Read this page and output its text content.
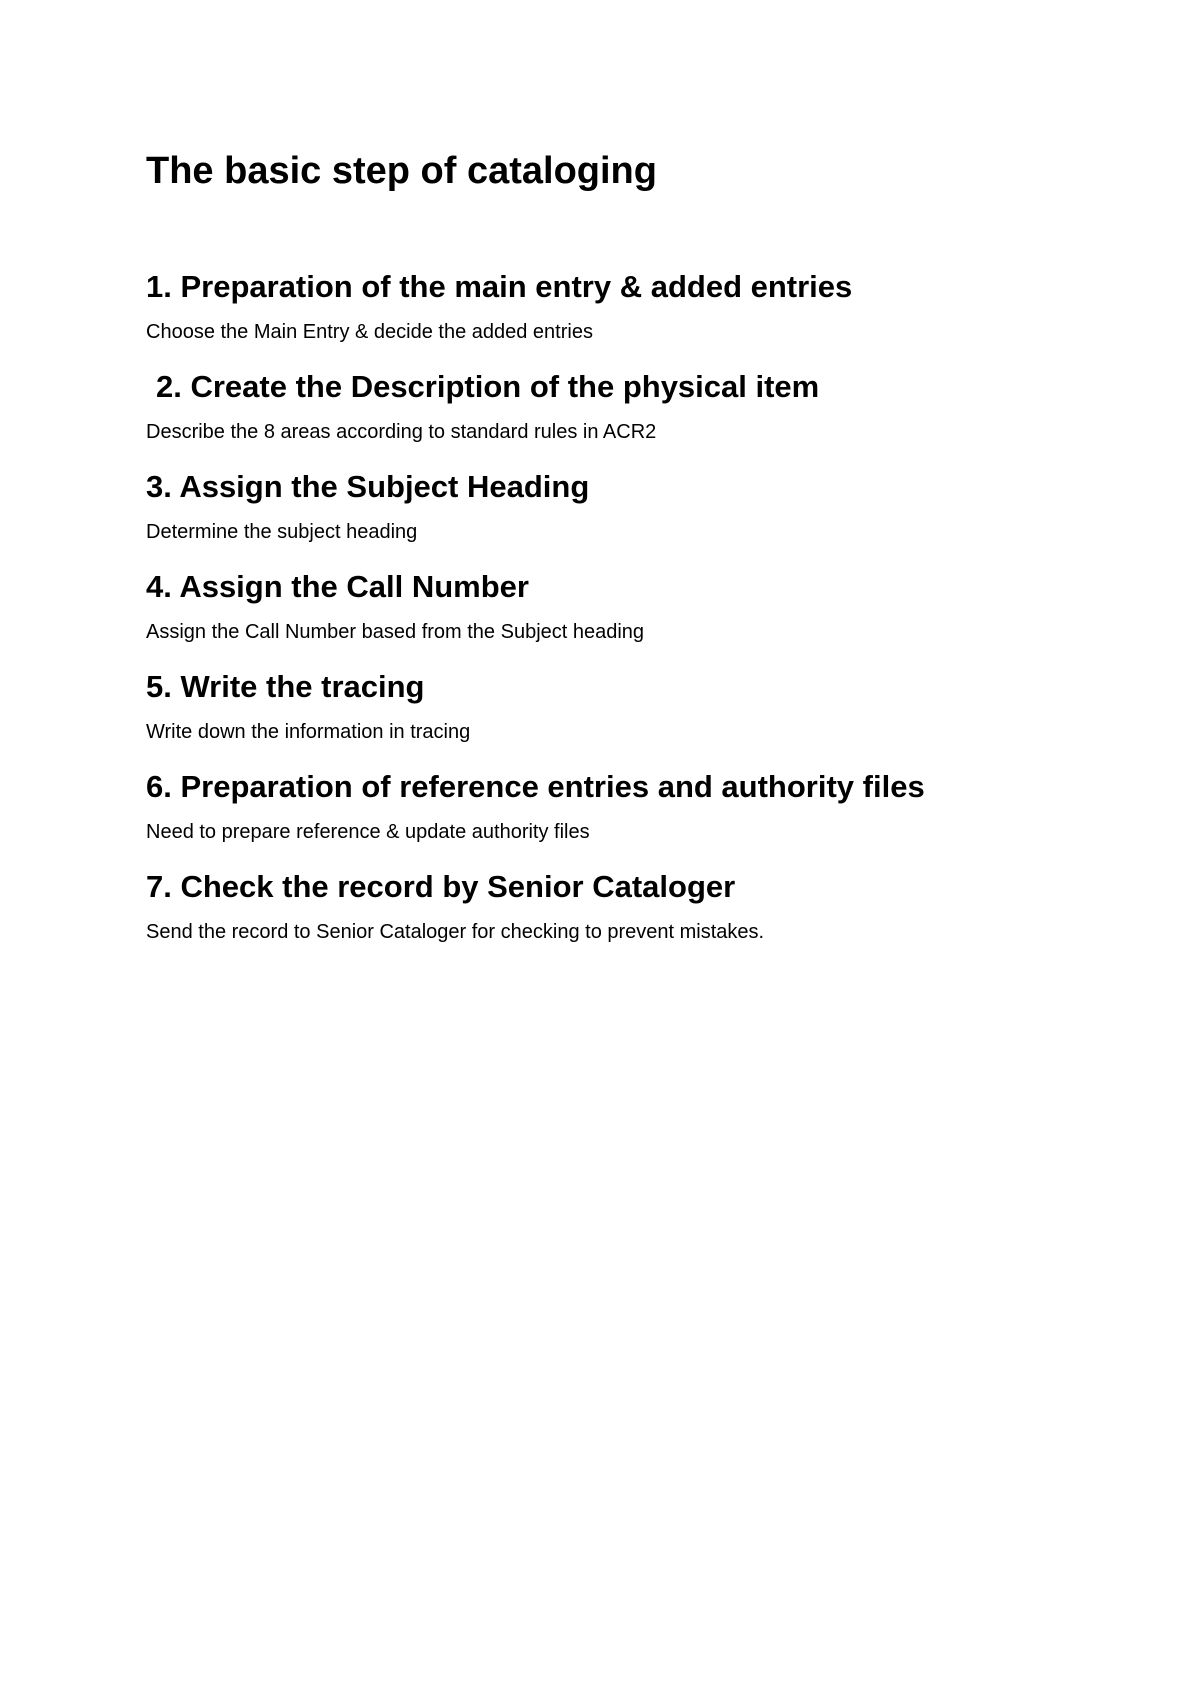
The basic step of cataloging
1. Preparation of the main entry & added entries

Choose the Main Entry & decide the added entries

2. Create the Description of the physical item

Describe the 8 areas according to standard rules in ACR2

3. Assign the Subject Heading

Determine the subject heading

4. Assign the Call Number

Assign the Call Number based from the Subject heading

5. Write the tracing

Write down the information in tracing

6. Preparation of reference entries and authority files

Need to prepare reference & update authority files

7. Check the record by Senior Cataloger

Send the record to Senior Cataloger for checking to prevent mistakes.
